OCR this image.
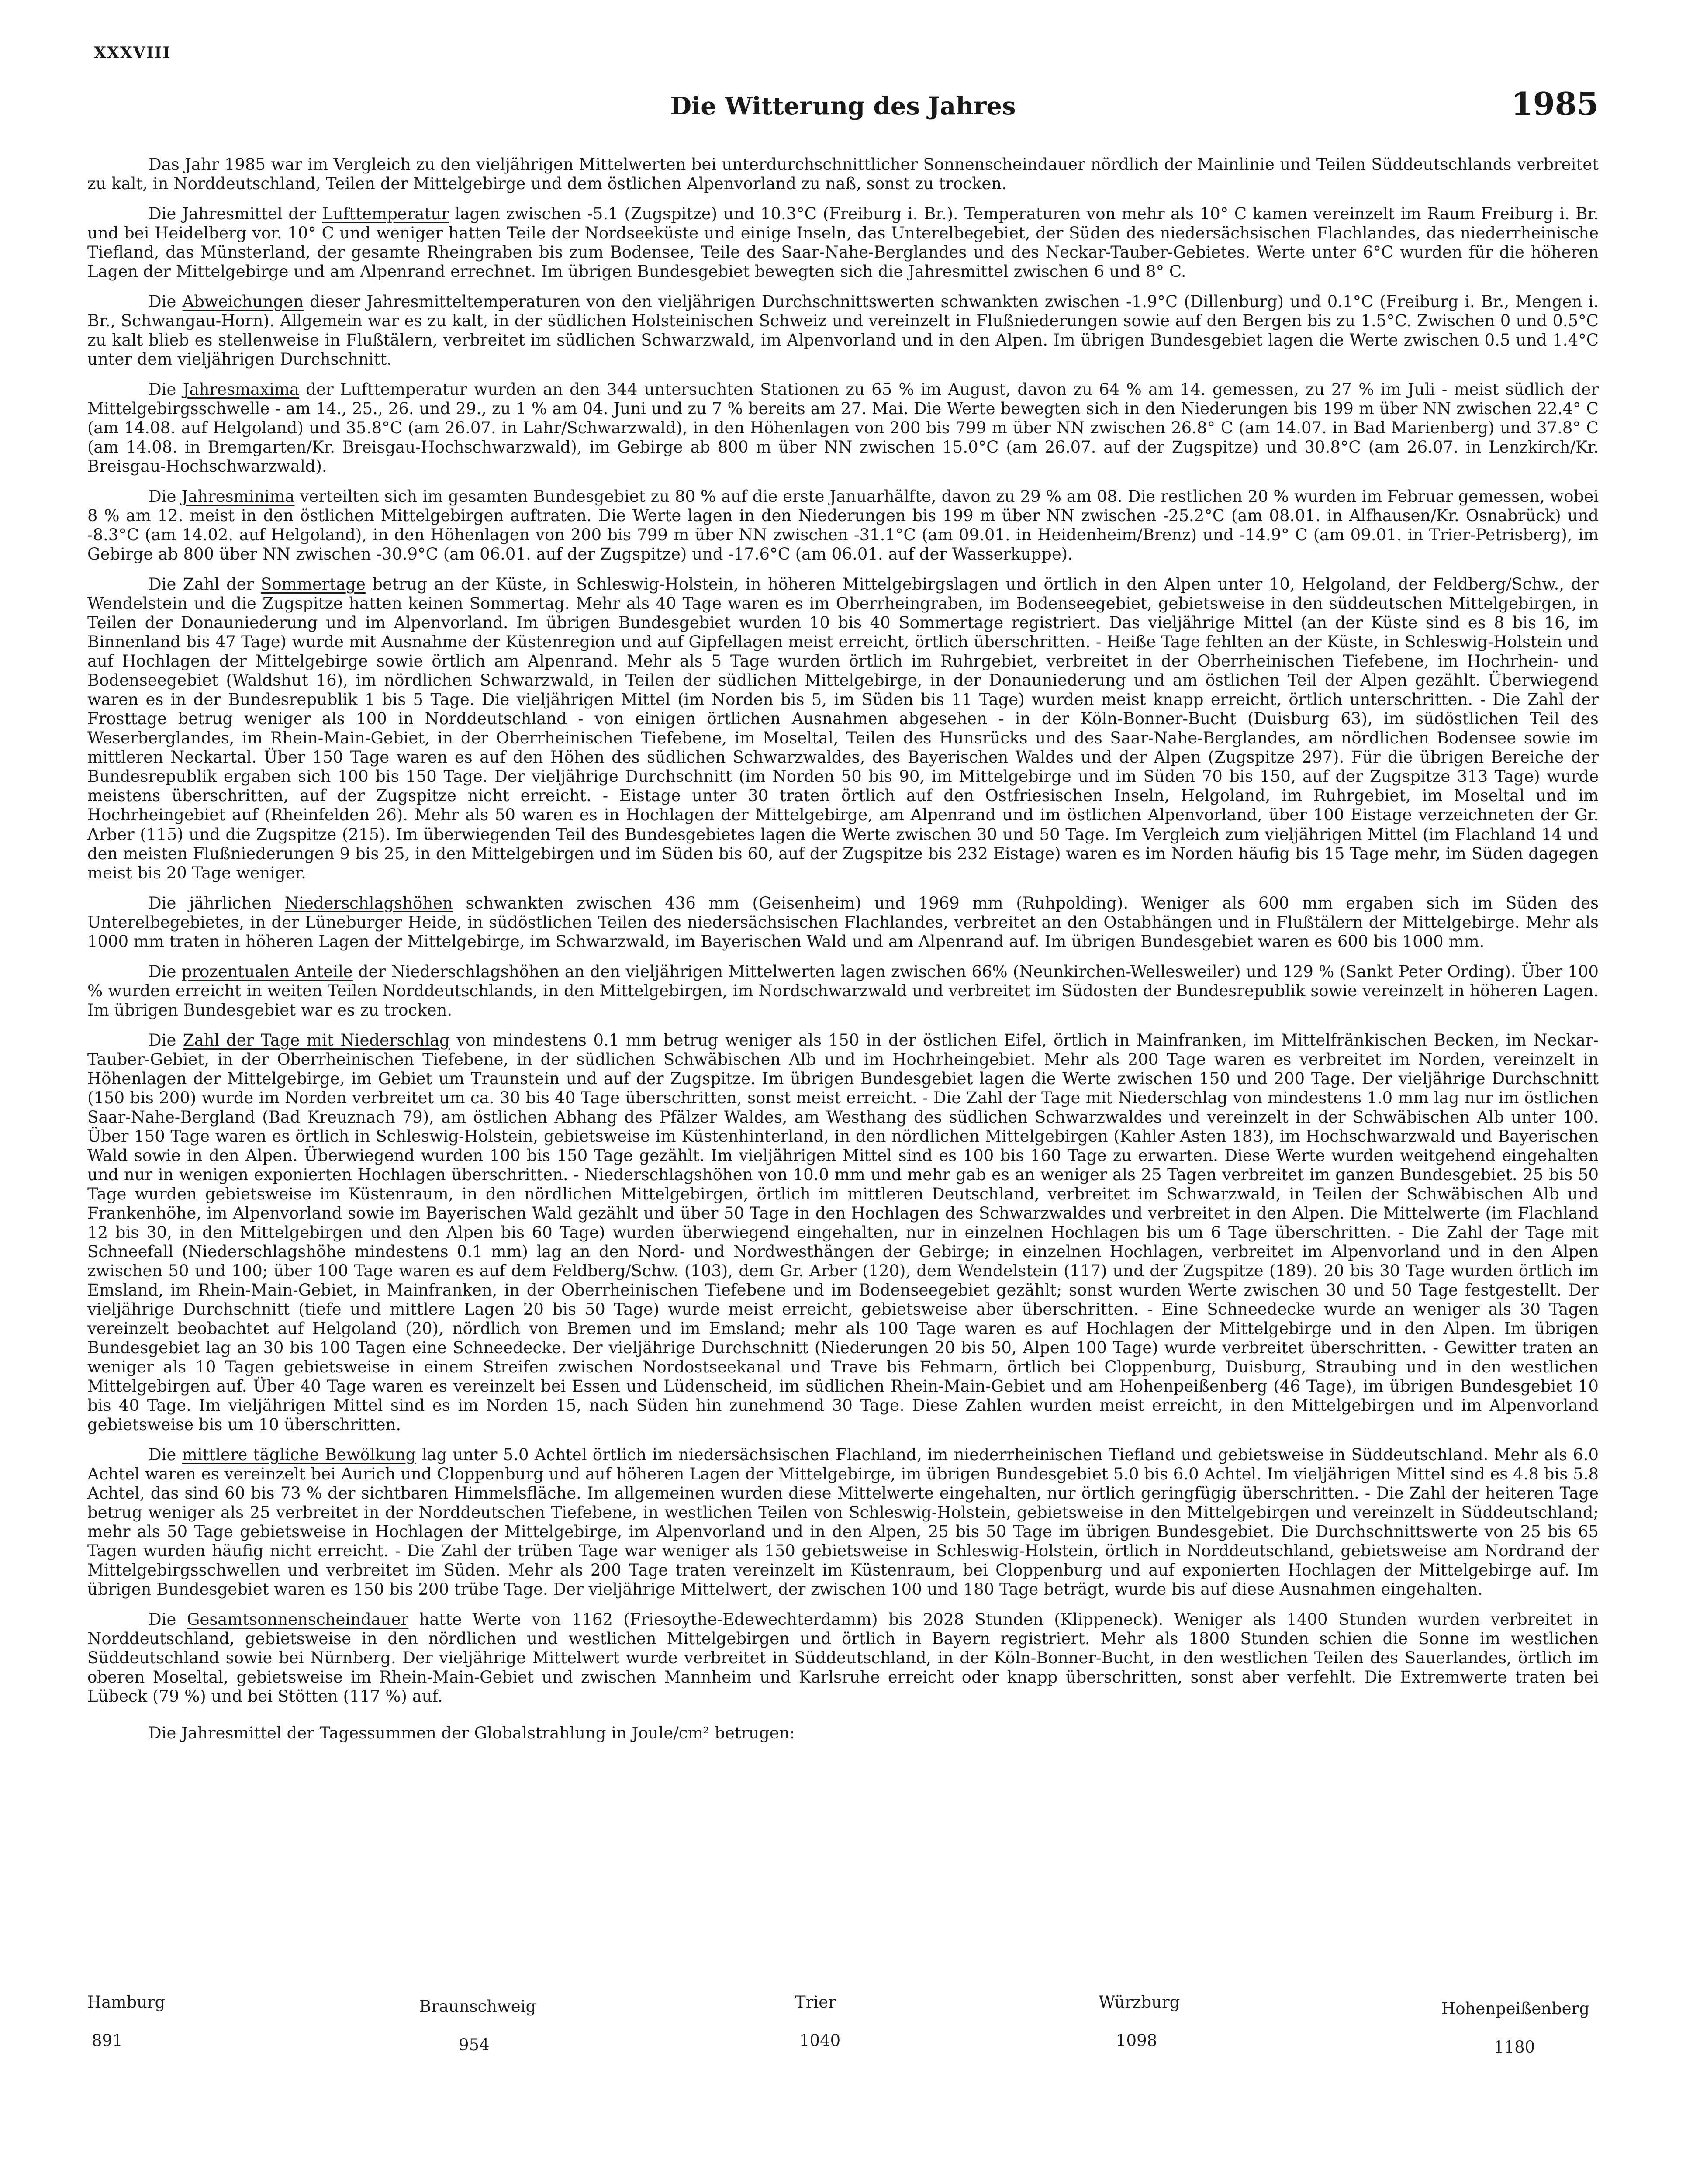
XXXVIII
Die Witterung des Jahres	1985

Das Jahr 1985 war im Vergleich zu den vieljährigen Mittelwerten bei unterdurchschnittlicher Sonnenscheindauer nördlich der Mainlinie und Teilen Süddeutschlands verbreitet zu kalt, in Norddeutschland, Teilen der Mittelgebirge und dem östlichen Alpenvorland zu naß, sonst zu trocken.

Die Jahresmittel der Lufttemperatur lagen zwischen -5.1 (Zugspitze) und 10.3°C (Freiburg i. Br.). Temperaturen von mehr als 10° C kamen vereinzelt im Raum Freiburg i. Br. und bei Heidelberg vor. 10° C und weniger hatten Teile der Nordseeküste und einige Inseln, das Unterelbegebiet, der Süden des niedersächsischen Flachlandes, das niederrheinische Tiefland, das Münsterland, der gesamte Rheingraben bis zum Bodensee, Teile des Saar-Nahe-Berglandes und des Neckar-Tauber-Gebietes. Werte unter 6°C wurden für die höheren Lagen der Mittelgebirge und am Alpenrand errechnet. Im übrigen Bundesgebiet bewegten sich die Jahresmittel zwischen 6 und 8° C.

Die Abweichungen dieser Jahresmitteltemperaturen von den vieljährigen Durchschnittswerten schwankten zwischen -1.9°C (Dillenburg) und 0.1°C (Freiburg i. Br., Mengen i. Br., Schwangau-Horn). Allgemein war es zu kalt, in der südlichen Holsteinischen Schweiz und vereinzelt in Flußniederungen sowie auf den Bergen bis zu 1.5°C. Zwischen 0 und 0.5°C zu kalt blieb es stellenweise in Flußtälern, verbreitet im südlichen Schwarzwald, im Alpenvorland und in den Alpen. Im übrigen Bundesgebiet lagen die Werte zwischen 0.5 und 1.4°C unter dem vieljährigen Durchschnitt.

Die Jahresmaxima der Lufttemperatur wurden an den 344 untersuchten Stationen zu 65 % im August, davon zu 64 % am 14. gemessen, zu 27 % im Juli - meist südlich der Mittelgebirgsschwelle - am 14., 25., 26. und 29., zu 1 % am 04. Juni und zu 7 % bereits am 27. Mai. Die Werte bewegten sich in den Niederungen bis 199 m über NN zwischen 22.4° C (am 14.08. auf Helgoland) und 35.8°C (am 26.07. in Lahr/Schwarzwald), in den Höhenlagen von 200 bis 799 m über NN zwischen 26.8° C (am 14.07. in Bad Marienberg) und 37.8° C (am 14.08. in Bremgarten/Kr. Breisgau-Hochschwarzwald), im Gebirge ab 800 m über NN zwischen 15.0°C (am 26.07. auf der Zugspitze) und 30.8°C (am 26.07. in Lenzkirch/Kr. Breisgau-Hochschwarzwald).

Die Jahresminima verteilten sich im gesamten Bundesgebiet zu 80 % auf die erste Januarhälfte, davon zu 29 % am 08. Die restlichen 20 % wurden im Februar gemessen, wobei 8 % am 12. meist in den östlichen Mittelgebirgen auftraten. Die Werte lagen in den Niederungen bis 199 m über NN zwischen -25.2°C (am 08.01. in Alfhausen/Kr. Osnabrück) und -8.3°C (am 14.02. auf Helgoland), in den Höhenlagen von 200 bis 799 m über NN zwischen -31.1°C (am 09.01. in Heidenheim/Brenz) und -14.9° C (am 09.01. in Trier-Petrisberg), im Gebirge ab 800 über NN zwischen -30.9°C (am 06.01. auf der Zugspitze) und -17.6°C (am 06.01. auf der Wasserkuppe).

Die Zahl der Sommertage betrug an der Küste, in Schleswig-Holstein, in höheren Mittelgebirgslagen und örtlich in den Alpen unter 10, Helgoland, der Feldberg/Schw., der Wendelstein und die Zugspitze hatten keinen Sommertag. Mehr als 40 Tage waren es im Oberrheingraben, im Bodenseegebiet, gebietsweise in den süddeutschen Mittelgebirgen, in Teilen der Donauniederung und im Alpenvorland. Im übrigen Bundesgebiet wurden 10 bis 40 Sommertage registriert. Das vieljährige Mittel (an der Küste sind es 8 bis 16, im Binnenland bis 47 Tage) wurde mit Ausnahme der Küstenregion und auf Gipfellagen meist erreicht, örtlich überschritten. - Heiße Tage fehlten an der Küste, in Schleswig-Holstein und auf Hochlagen der Mittelgebirge sowie örtlich am Alpenrand. Mehr als 5 Tage wurden örtlich im Ruhrgebiet, verbreitet in der Oberrheinischen Tiefebene, im Hochrhein- und Bodenseegebiet (Waldshut 16), im nördlichen Schwarzwald, in Teilen der südlichen Mittelgebirge, in der Donauniederung und am östlichen Teil der Alpen gezählt. Überwiegend waren es in der Bundesrepublik 1 bis 5 Tage. Die vieljährigen Mittel (im Norden bis 5, im Süden bis 11 Tage) wurden meist knapp erreicht, örtlich unterschritten. - Die Zahl der Frosttage betrug weniger als 100 in Norddeutschland - von einigen örtlichen Ausnahmen abgesehen - in der Köln-Bonner-Bucht (Duisburg 63), im südöstlichen Teil des Weserberglandes, im Rhein-Main-Gebiet, in der Oberrheinischen Tiefebene, im Moseltal, Teilen des Hunsrücks und des Saar-Nahe-Berglandes, am nördlichen Bodensee sowie im mittleren Neckartal. Über 150 Tage waren es auf den Höhen des südlichen Schwarzwaldes, des Bayerischen Waldes und der Alpen (Zugspitze 297). Für die übrigen Bereiche der Bundesrepublik ergaben sich 100 bis 150 Tage. Der vieljährige Durchschnitt (im Norden 50 bis 90, im Mittelgebirge und im Süden 70 bis 150, auf der Zugspitze 313 Tage) wurde meistens überschritten, auf der Zugspitze nicht erreicht. - Eistage unter 30 traten örtlich auf den Ostfriesischen Inseln, Helgoland, im Ruhrgebiet, im Moseltal und im Hochrheingebiet auf (Rheinfelden 26). Mehr als 50 waren es in Hochlagen der Mittelgebirge, am Alpenrand und im östlichen Alpenvorland, über 100 Eistage verzeichneten der Gr. Arber (115) und die Zugspitze (215). Im überwiegenden Teil des Bundesgebietes lagen die Werte zwischen 30 und 50 Tage. Im Vergleich zum vieljährigen Mittel (im Flachland 14 und den meisten Flußniederungen 9 bis 25, in den Mittelgebirgen und im Süden bis 60, auf der Zugspitze bis 232 Eistage) waren es im Norden häufig bis 15 Tage mehr, im Süden dagegen meist bis 20 Tage weniger.

Die jährlichen Niederschlagshöhen schwankten zwischen 436 mm (Geisenheim) und 1969 mm (Ruhpolding). Weniger als 600 mm ergaben sich im Süden des Unterelbegebietes, in der Lüneburger Heide, in südöstlichen Teilen des niedersächsischen Flachlandes, verbreitet an den Ostabhängen und in Flußtälern der Mittelgebirge. Mehr als 1000 mm traten in höheren Lagen der Mittelgebirge, im Schwarzwald, im Bayerischen Wald und am Alpenrand auf. Im übrigen Bundesgebiet waren es 600 bis 1000 mm.

Die prozentualen Anteile der Niederschlagshöhen an den vieljährigen Mittelwerten lagen zwischen 66% (Neunkirchen-Wellesweiler) und 129 % (Sankt Peter Ording). Über 100 % wurden erreicht in weiten Teilen Norddeutschlands, in den Mittelgebirgen, im Nordschwarzwald und verbreitet im Südosten der Bundesrepublik sowie vereinzelt in höheren Lagen. Im übrigen Bundesgebiet war es zu trocken.

Die Zahl der Tage mit Niederschlag von mindestens 0.1 mm betrug weniger als 150 in der östlichen Eifel, örtlich in Mainfranken, im Mittelfränkischen Becken, im Neckar-Tauber-Gebiet, in der Oberrheinischen Tiefebene, in der südlichen Schwäbischen Alb und im Hochrheingebiet. Mehr als 200 Tage waren es verbreitet im Norden, vereinzelt in Höhenlagen der Mittelgebirge, im Gebiet um Traunstein und auf der Zugspitze. Im übrigen Bundesgebiet lagen die Werte zwischen 150 und 200 Tage. Der vieljährige Durchschnitt (150 bis 200) wurde im Norden verbreitet um ca. 30 bis 40 Tage überschritten, sonst meist erreicht. - Die Zahl der Tage mit Niederschlag von mindestens 1.0 mm lag nur im östlichen Saar-Nahe-Bergland (Bad Kreuznach 79), am östlichen Abhang des Pfälzer Waldes, am Westhang des südlichen Schwarzwaldes und vereinzelt in der Schwäbischen Alb unter 100. Über 150 Tage waren es örtlich in Schleswig-Holstein, gebietsweise im Küstenhinterland, in den nördlichen Mittelgebirgen (Kahler Asten 183), im Hochschwarzwald und Bayerischen Wald sowie in den Alpen. Überwiegend wurden 100 bis 150 Tage gezählt. Im vieljährigen Mittel sind es 100 bis 160 Tage zu erwarten. Diese Werte wurden weitgehend eingehalten und nur in wenigen exponierten Hochlagen überschritten. - Niederschlagshöhen von 10.0 mm und mehr gab es an weniger als 25 Tagen verbreitet im ganzen Bundesgebiet. 25 bis 50 Tage wurden gebietsweise im Küstenraum, in den nördlichen Mittelgebirgen, örtlich im mittleren Deutschland, verbreitet im Schwarzwald, in Teilen der Schwäbischen Alb und Frankenhöhe, im Alpenvorland sowie im Bayerischen Wald gezählt und über 50 Tage in den Hochlagen des Schwarzwaldes und verbreitet in den Alpen. Die Mittelwerte (im Flachland 12 bis 30, in den Mittelgebirgen und den Alpen bis 60 Tage) wurden überwiegend eingehalten, nur in einzelnen Hochlagen bis um 6 Tage überschritten. - Die Zahl der Tage mit Schneefall (Niederschlagshöhe mindestens 0.1 mm) lag an den Nord- und Nordwesthängen der Gebirge; in einzelnen Hochlagen, verbreitet im Alpenvorland und in den Alpen zwischen 50 und 100; über 100 Tage waren es auf dem Feldberg/Schw. (103), dem Gr. Arber (120), dem Wendelstein (117) und der Zugspitze (189). 20 bis 30 Tage wurden örtlich im Emsland, im Rhein-Main-Gebiet, in Mainfranken, in der Oberrheinischen Tiefebene und im Bodenseegebiet gezählt; sonst wurden Werte zwischen 30 und 50 Tage festgestellt. Der vieljährige Durchschnitt (tiefe und mittlere Lagen 20 bis 50 Tage) wurde meist erreicht, gebietsweise aber überschritten. - Eine Schneedecke wurde an weniger als 30 Tagen vereinzelt beobachtet auf Helgoland (20), nördlich von Bremen und im Emsland; mehr als 100 Tage waren es auf Hochlagen der Mittelgebirge und in den Alpen. Im übrigen Bundesgebiet lag an 30 bis 100 Tagen eine Schneedecke. Der vieljährige Durchschnitt (Niederungen 20 bis 50, Alpen 100 Tage) wurde verbreitet überschritten. - Gewitter traten an weniger als 10 Tagen gebietsweise in einem Streifen zwischen Nordostseekanal und Trave bis Fehmarn, örtlich bei Cloppenburg, Duisburg, Straubing und in den westlichen Mittelgebirgen auf. Über 40 Tage waren es vereinzelt bei Essen und Lüdenscheid, im südlichen Rhein-Main-Gebiet und am Hohenpeißenberg (46 Tage), im übrigen Bundesgebiet 10 bis 40 Tage. Im vieljährigen Mittel sind es im Norden 15, nach Süden hin zunehmend 30 Tage. Diese Zahlen wurden meist erreicht, in den Mittelgebirgen und im Alpenvorland gebietsweise bis um 10 überschritten.

Die mittlere tägliche Bewölkung lag unter 5.0 Achtel örtlich im niedersächsischen Flachland, im niederrheinischen Tiefland und gebietsweise in Süddeutschland. Mehr als 6.0 Achtel waren es vereinzelt bei Aurich und Cloppenburg und auf höheren Lagen der Mittelgebirge, im übrigen Bundesgebiet 5.0 bis 6.0 Achtel. Im vieljährigen Mittel sind es 4.8 bis 5.8 Achtel, das sind 60 bis 73 % der sichtbaren Himmelsfläche. Im allgemeinen wurden diese Mittelwerte eingehalten, nur örtlich geringfügig überschritten. - Die Zahl der heiteren Tage betrug weniger als 25 verbreitet in der Norddeutschen Tiefebene, in westlichen Teilen von Schleswig-Holstein, gebietsweise in den Mittelgebirgen und vereinzelt in Süddeutschland; mehr als 50 Tage gebietsweise in Hochlagen der Mittelgebirge, im Alpenvorland und in den Alpen, 25 bis 50 Tage im übrigen Bundesgebiet. Die Durchschnittswerte von 25 bis 65 Tagen wurden häufig nicht erreicht. - Die Zahl der trüben Tage war weniger als 150 gebietsweise in Schleswig-Holstein, örtlich in Norddeutschland, gebietsweise am Nordrand der Mittelgebirgsschwellen und verbreitet im Süden. Mehr als 200 Tage traten vereinzelt im Küstenraum, bei Cloppenburg und auf exponierten Hochlagen der Mittelgebirge auf. Im übrigen Bundesgebiet waren es 150 bis 200 trübe Tage. Der vieljährige Mittelwert, der zwischen 100 und 180 Tage beträgt, wurde bis auf diese Ausnahmen eingehalten.

Die Gesamtsonnenscheindauer hatte Werte von 1162 (Friesoythe-Edewechterdamm) bis 2028 Stunden (Klippeneck). Weniger als 1400 Stunden wurden verbreitet in Norddeutschland, gebietsweise in den nördlichen und westlichen Mittelgebirgen und örtlich in Bayern registriert. Mehr als 1800 Stunden schien die Sonne im westlichen Süddeutschland sowie bei Nürnberg. Der vieljährige Mittelwert wurde verbreitet in Süddeutschland, in der Köln-Bonner-Bucht, in den westlichen Teilen des Sauerlandes, örtlich im oberen Moseltal, gebietsweise im Rhein-Main-Gebiet und zwischen Mannheim und Karlsruhe erreicht oder knapp überschritten, sonst aber verfehlt. Die Extremwerte traten bei Lübeck (79 %) und bei Stötten (117 %) auf.

Die Jahresmittel der Tagessummen der Globalstrahlung in Joule/cm² betrugen:

Hamburg
891
Braunschweig
954
Trier
1040
Würzburg
1098
Hohenpeißenberg
1180
